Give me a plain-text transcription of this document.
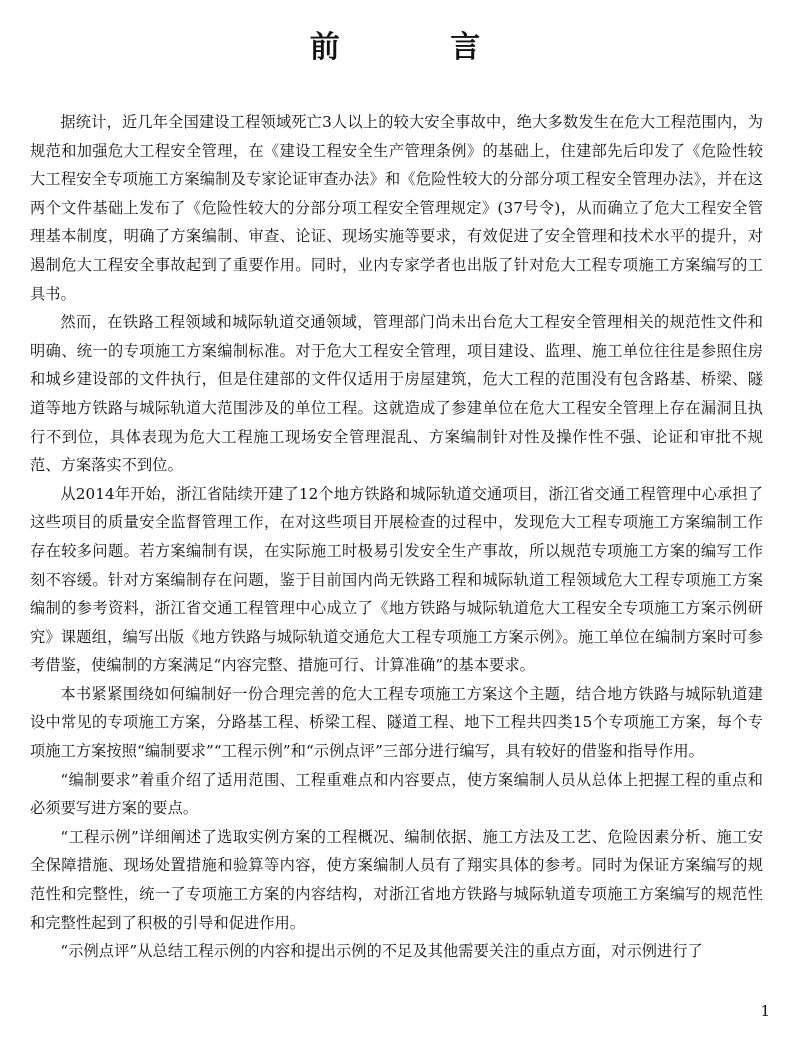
前 言

据统计，近几年全国建设工程领域死亡3人以上的较大安全事故中，绝大多数发生在危大工程范围内，为规范和加强危大工程安全管理，在《建设工程安全生产管理条例》的基础上，住建部先后印发了《危险性较大工程安全专项施工方案编制及专家论证审查办法》和《危险性较大的分部分项工程安全管理办法》，并在这两个文件基础上发布了《危险性较大的分部分项工程安全管理规定》(37号令)，从而确立了危大工程安全管理基本制度，明确了方案编制、审查、论证、现场实施等要求，有效促进了安全管理和技术水平的提升，对遏制危大工程安全事故起到了重要作用。同时，业内专家学者也出版了针对危大工程专项施工方案编写的工具书。

然而，在铁路工程领域和城际轨道交通领域，管理部门尚未出台危大工程安全管理相关的规范性文件和明确、统一的专项施工方案编制标准。对于危大工程安全管理，项目建设、监理、施工单位往往是参照住房和城乡建设部的文件执行，但是住建部的文件仅适用于房屋建筑，危大工程的范围没有包含路基、桥梁、隧道等地方铁路与城际轨道大范围涉及的单位工程。这就造成了参建单位在危大工程安全管理上存在漏洞且执行不到位，具体表现为危大工程施工现场安全管理混乱、方案编制针对性及操作性不强、论证和审批不规范、方案落实不到位。

从2014年开始，浙江省陆续开建了12个地方铁路和城际轨道交通项目，浙江省交通工程管理中心承担了这些项目的质量安全监督管理工作，在对这些项目开展检查的过程中，发现危大工程专项施工方案编制工作存在较多问题。若方案编制有误，在实际施工时极易引发安全生产事故，所以规范专项施工方案的编写工作刻不容缓。针对方案编制存在问题，鉴于目前国内尚无铁路工程和城际轨道工程领域危大工程专项施工方案编制的参考资料，浙江省交通工程管理中心成立了《地方铁路与城际轨道危大工程安全专项施工方案示例研究》课题组，编写出版《地方铁路与城际轨道交通危大工程专项施工方案示例》。施工单位在编制方案时可参考借鉴，使编制的方案满足“内容完整、措施可行、计算准确”的基本要求。

本书紧紧围绕如何编制好一份合理完善的危大工程专项施工方案这个主题，结合地方铁路与城际轨道建设中常见的专项施工方案，分路基工程、桥梁工程、隧道工程、地下工程共四类15个专项施工方案，每个专项施工方案按照“编制要求”“工程示例”和“示例点评”三部分进行编写，具有较好的借鉴和指导作用。

“编制要求”着重介绍了适用范围、工程重难点和内容要点，使方案编制人员从总体上把握工程的重点和必须要写进方案的要点。

“工程示例”详细阐述了选取实例方案的工程概况、编制依据、施工方法及工艺、危险因素分析、施工安全保障措施、现场处置措施和验算等内容，使方案编制人员有了翔实具体的参考。同时为保证方案编写的规范性和完整性，统一了专项施工方案的内容结构，对浙江省地方铁路与城际轨道专项施工方案编写的规范性和完整性起到了积极的引导和促进作用。

“示例点评”从总结工程示例的内容和提出示例的不足及其他需要关注的重点方面，对示例进行了

1
